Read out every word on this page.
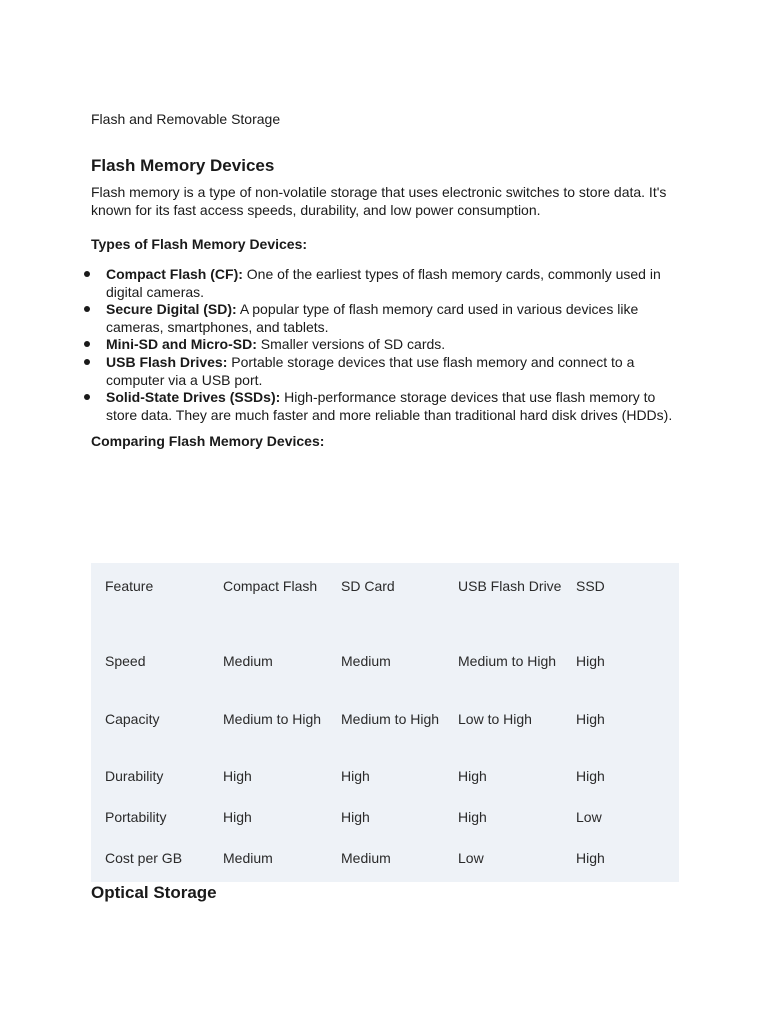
Flash and Removable Storage
Flash Memory Devices
Flash memory is a type of non-volatile storage that uses electronic switches to store data. It's known for its fast access speeds, durability, and low power consumption.
Types of Flash Memory Devices:
Compact Flash (CF): One of the earliest types of flash memory cards, commonly used in digital cameras.
Secure Digital (SD): A popular type of flash memory card used in various devices like cameras, smartphones, and tablets.
Mini-SD and Micro-SD: Smaller versions of SD cards.
USB Flash Drives: Portable storage devices that use flash memory and connect to a computer via a USB port.
Solid-State Drives (SSDs): High-performance storage devices that use flash memory to store data. They are much faster and more reliable than traditional hard disk drives (HDDs).
Comparing Flash Memory Devices:
Feature	Compact Flash	SD Card	USB Flash Drive	SSD
Speed	Medium	Medium	Medium to High	High
Capacity	Medium to High	Medium to High	Low to High	High
Durability	High	High	High	High
Portability	High	High	High	Low
Cost per GB	Medium	Medium	Low	High
Optical Storage
